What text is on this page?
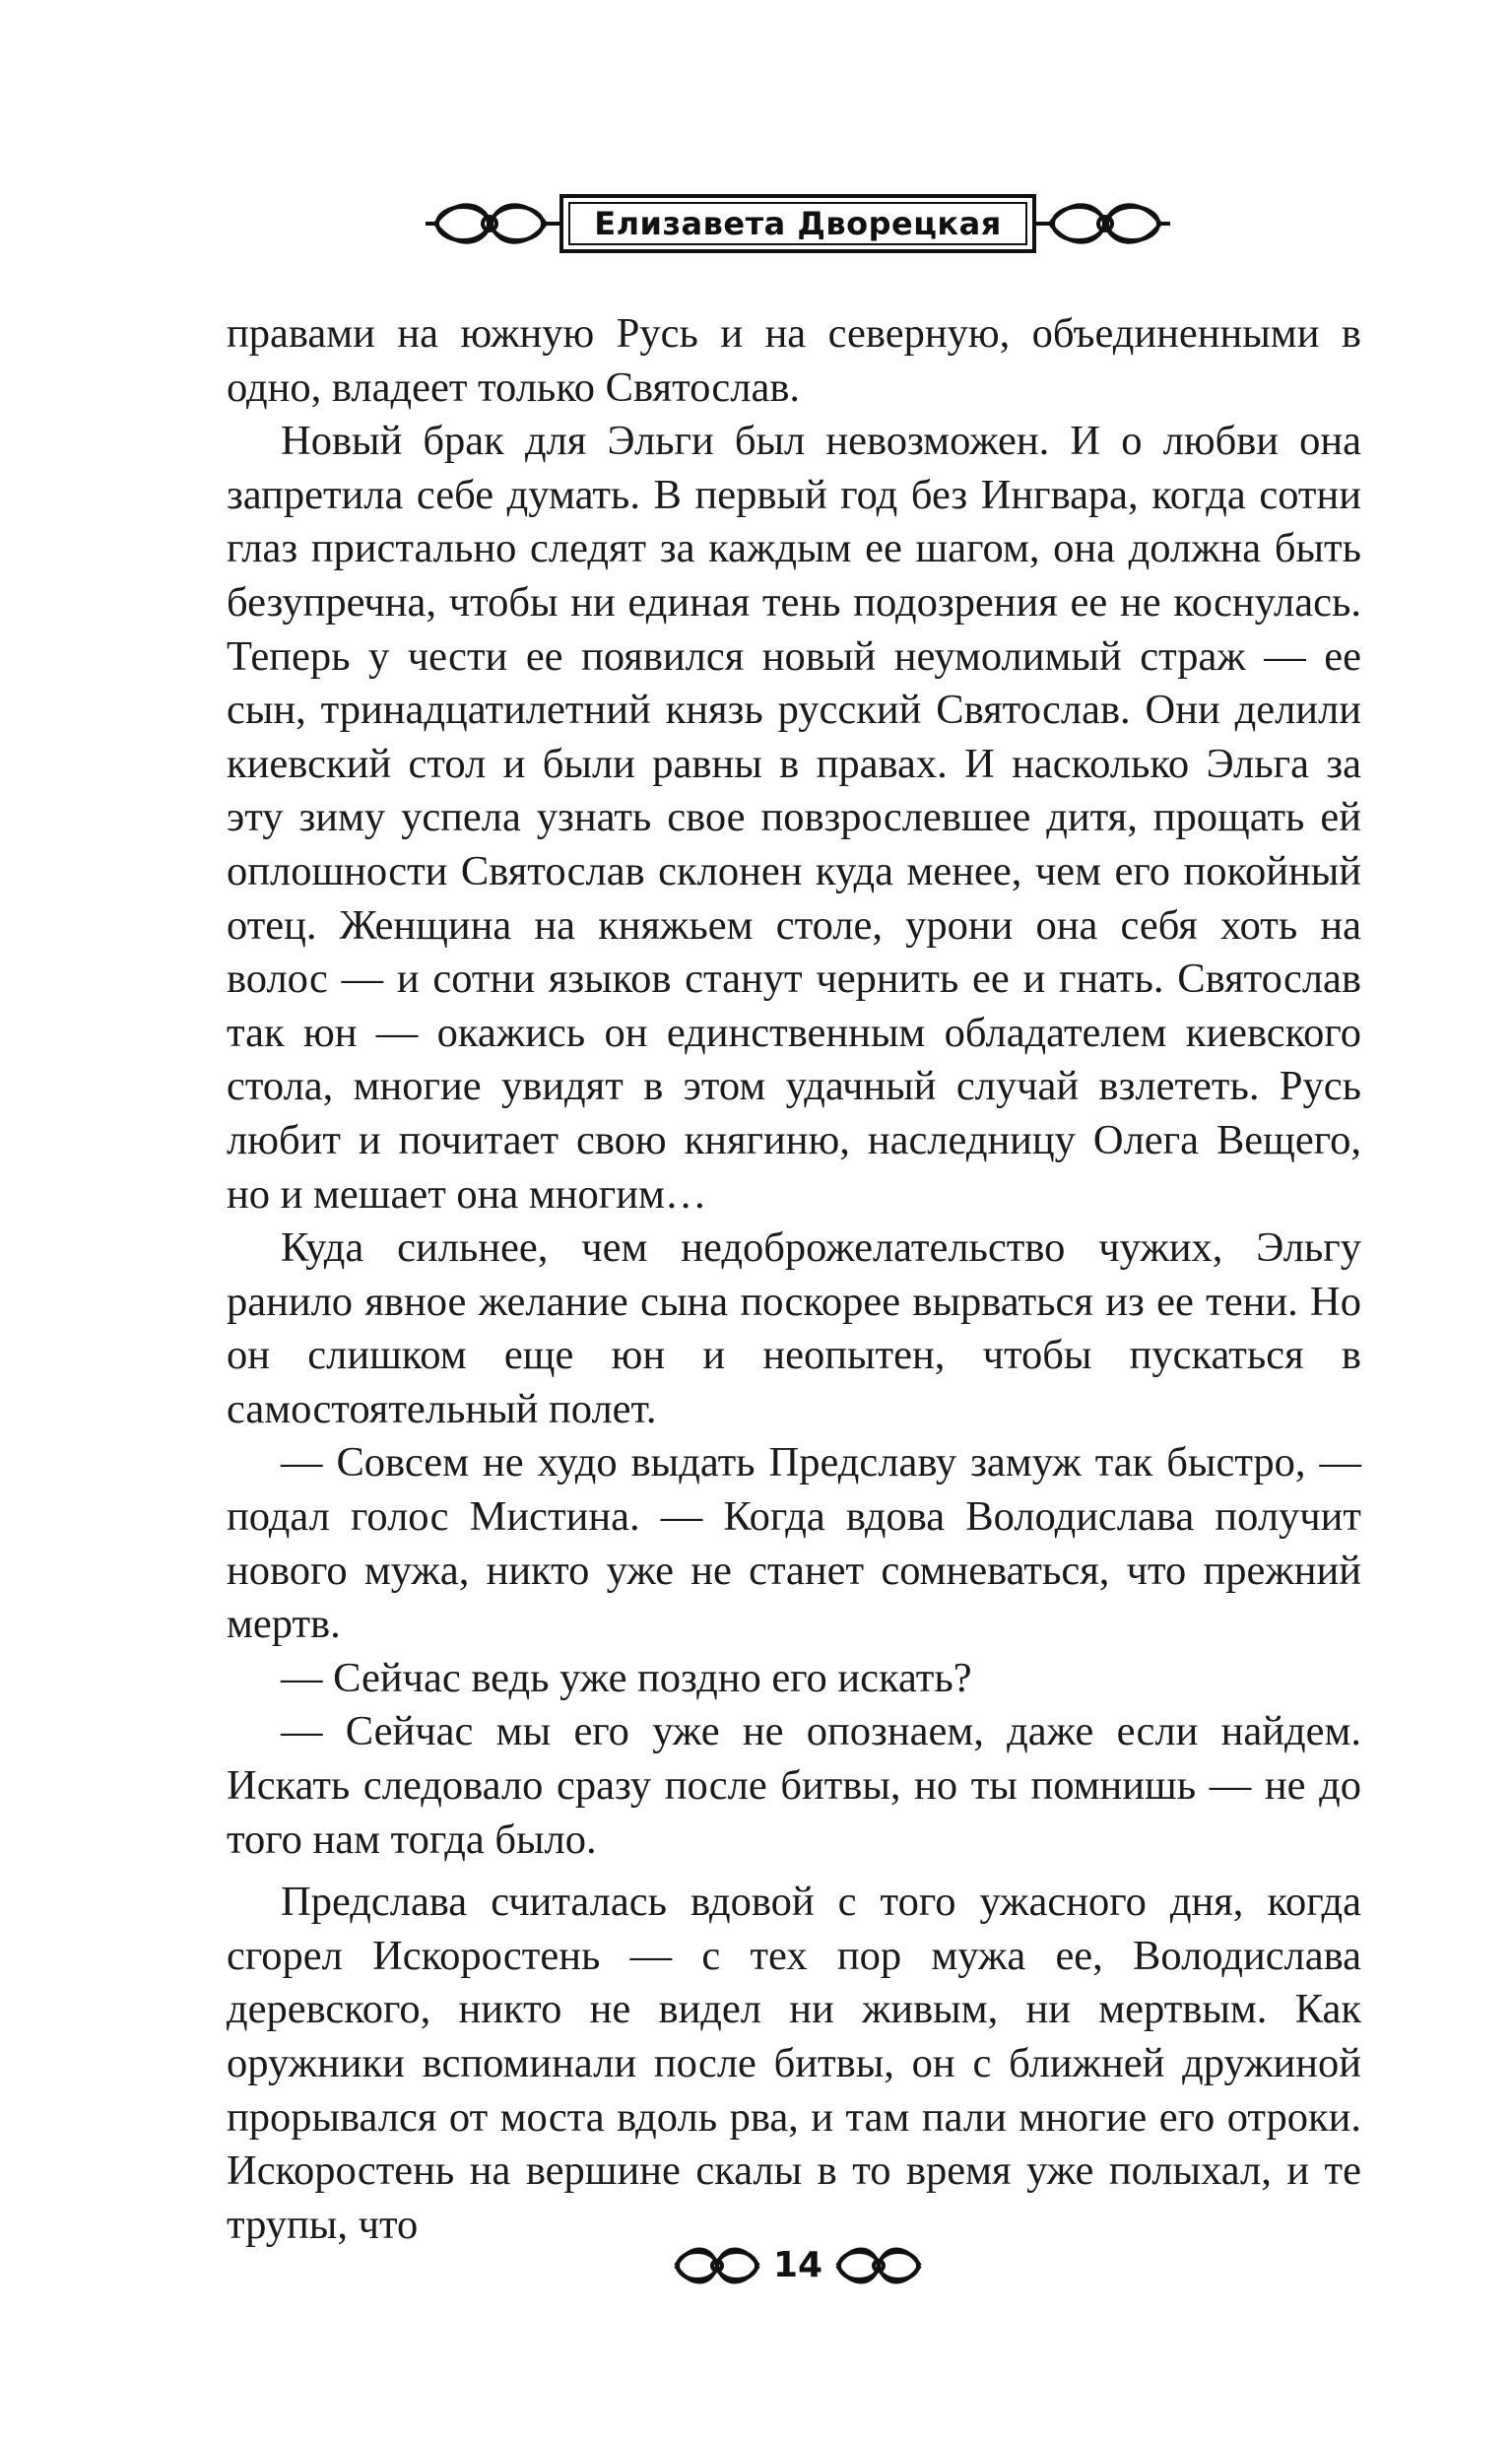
Елизавета Дворецкая

правами на южную Русь и на северную, объединенными в одно, владеет только Святослав.

Новый брак для Эльги был невозможен. И о любви она запретила себе думать. В первый год без Ингвара, когда сотни глаз пристально следят за каждым ее шагом, она должна быть безупречна, чтобы ни единая тень подозрения ее не коснулась. Теперь у чести ее появился новый неумолимый страж — ее сын, тринадцатилетний князь русский Святослав. Они делили киевский стол и были равны в правах. И насколько Эльга за эту зиму успела узнать свое повзрослевшее дитя, прощать ей оплошности Святослав склонен куда менее, чем его покойный отец. Женщина на княжьем столе, урони она себя хоть на волос — и сотни языков станут чернить ее и гнать. Святослав так юн — окажись он единственным обладателем киевского стола, многие увидят в этом удачный случай взлететь. Русь любит и почитает свою княгиню, наследницу Олега Вещего, но и мешает она многим…

Куда сильнее, чем недоброжелательство чужих, Эльгу ранило явное желание сына поскорее вырваться из ее тени. Но он слишком еще юн и неопытен, чтобы пускаться в самостоятельный полет.

— Совсем не худо выдать Предславу замуж так быстро, — подал голос Мистина. — Когда вдова Володислава получит нового мужа, никто уже не станет сомневаться, что прежний мертв.

— Сейчас ведь уже поздно его искать?

— Сейчас мы его уже не опознаем, даже если найдем. Искать следовало сразу после битвы, но ты помнишь — не до того нам тогда было.

Предслава считалась вдовой с того ужасного дня, когда сгорел Искоростень — с тех пор мужа ее, Володислава деревского, никто не видел ни живым, ни мертвым. Как оружники вспоминали после битвы, он с ближней дружиной прорывался от моста вдоль рва, и там пали многие его отроки. Искоростень на вершине скалы в то время уже полыхал, и те трупы, что

14
